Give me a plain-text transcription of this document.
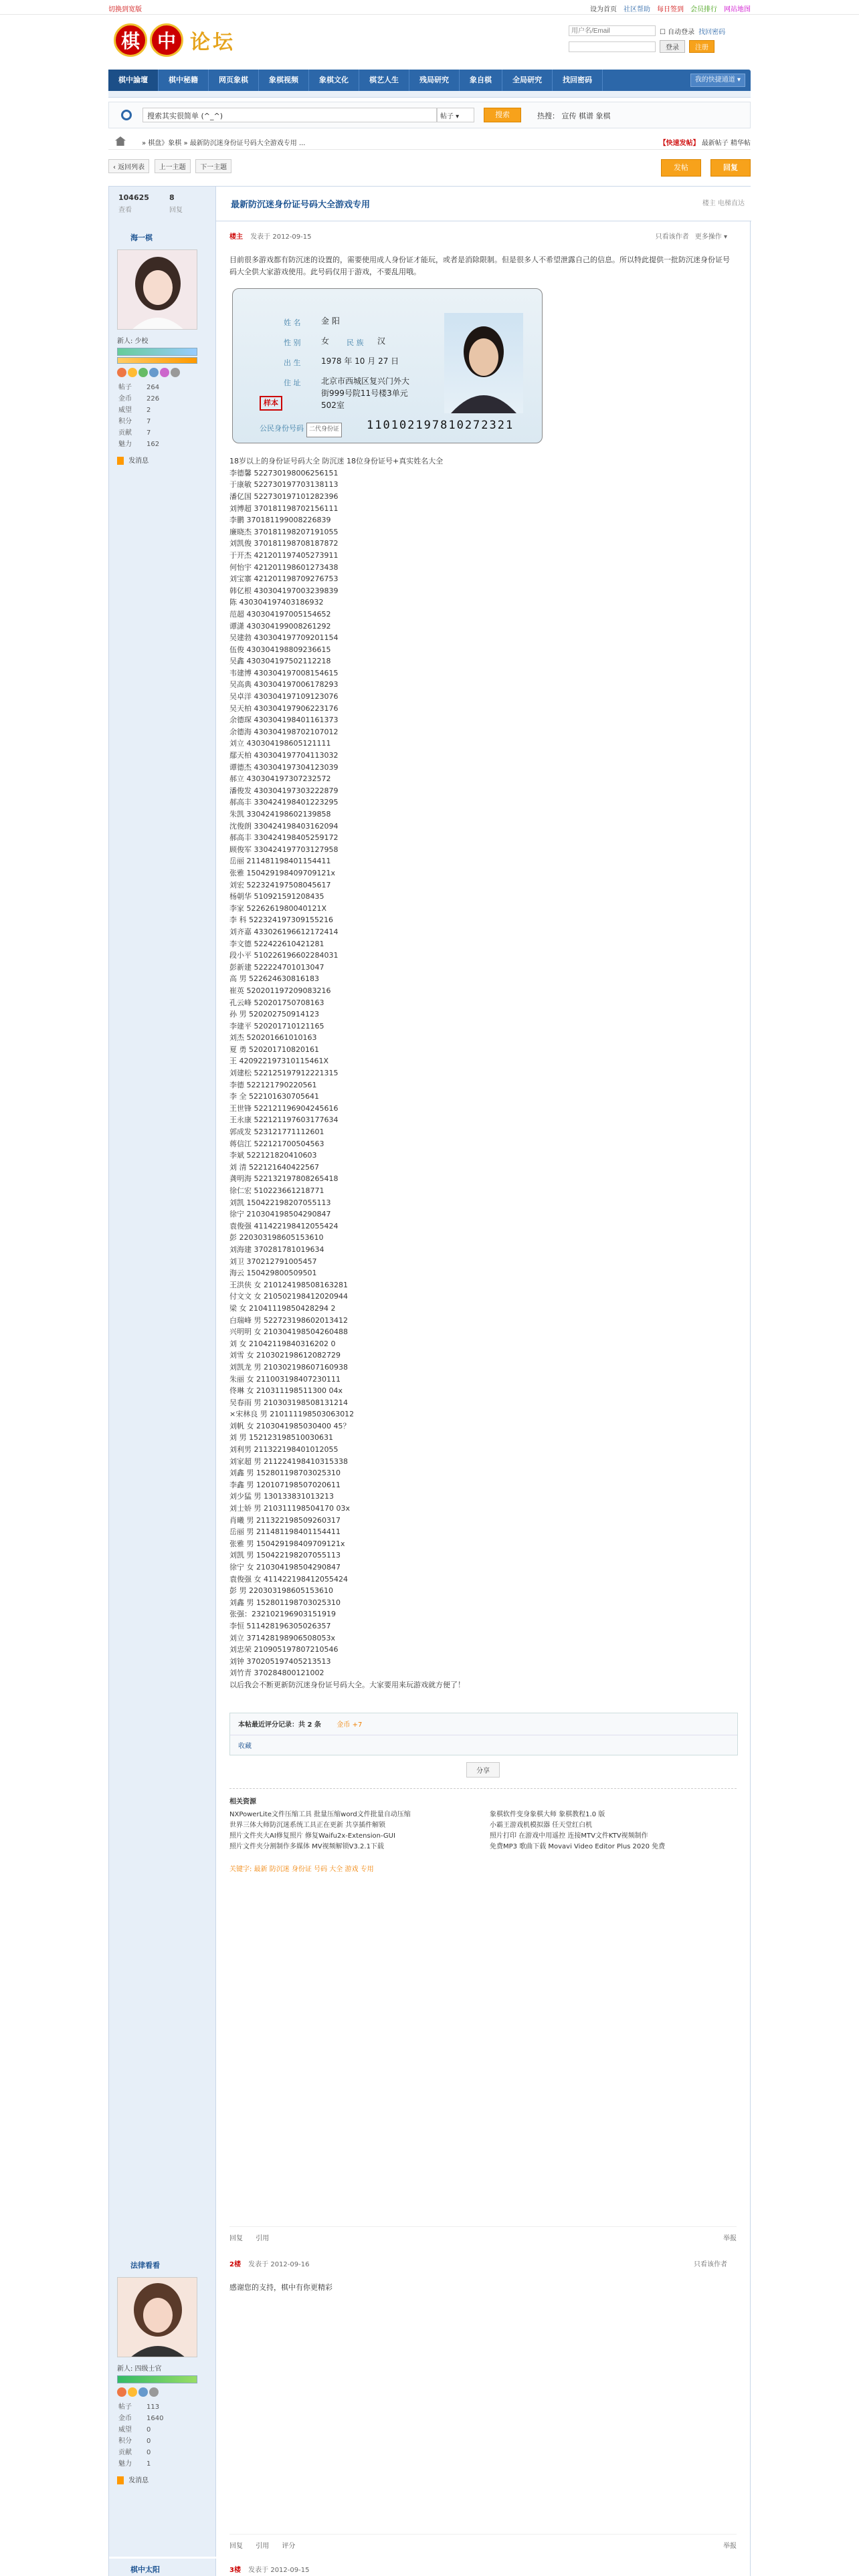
切换到宽版	设为首页 社区帮助 每日签到 会员排行 网站地图
棋 中 论坛
用户名/Email	☐ 自动登录 找回密码
登录	注册
棋中論壇	棋中秘籍	网页象棋	象棋视频	象棋文化	棋艺人生	残局研究	象自棋	全局研究	找回密码	我的快捷通道 ▾
搜索其实很简单 (^_^)	帖子 ▾	搜索	热搜： 宣传 棋谱 象棋
» 棋盘》象棋 » 最新防沉迷身份证号码大全游戏专用 ...	【快速发帖】 最新帖子 精华帖
‹ 返回列表 上一主题 下一主题	发帖	回复
104625	8
查看	回复
最新防沉迷身份证号码大全游戏专用	楼主 电梯直达
海一棋
新人: 少校
帖子	264
金币	226
威望	2
积分	7
贡献	7
魅力	162
发消息
楼主 发表于 2012-09-15	只看该作者 更多操作 ▾

目前很多游戏都有防沉迷的设置的，需要使用成人身份证才能玩，或者是消除限制。但是很多人不希望泄露自己的信息。所以特此提供一批防沉迷身份证号码大全供大家游戏使用。此号码仅用于游戏，不要乱用哦。

姓 名	金 阳
性 别	女 民 族 汉
出 生	1978 年 10 月 27 日
住 址	北京市西城区复兴门外大
街999号院11号楼3单元
502室
样本
公民身份号码	110102197810272321
二代身份证

18岁以上的身份证号码大全 防沉迷 18位身份证号+真实姓名大全

李德馨 522730198006256151
于康敏 522730197703138113
潘亿国 522730197101282396
刘博超 370181198702156111
李鹏 370181199008226839
廉晓杰 370181198207191055
刘凯俊 370181198708187872
于开杰 421201197405273911
何怡宇 421201198601273438
刘宝寨 421201198709276753
韩亿根 430304197003239839
陈 430304197403186932
范超 430304197005154652
谭潇 430304199008261292
吴建勃 430304197709201154
伍俊 430304198809236615
吴鑫 430304197502112218
韦建博 430304197008154615
吴高典 430304197006178293
吴卓洋 430304197109123076
吴天柏 430304197906223176
余德琛 430304198401161373
余德海 430304198702107012
刘立 430304198605121111
鄢天柏 430304197704113032
谭德杰 430304197304123039
郝立 430304197307232572
潘俊发 430304197303222879
郝高丰 330424198401223295
朱凯 330424198602139858
沈俊朗 330424198403162094
郝高丰 330424198405259172
顾俊军 330424197703127958
岳丽 211481198401154411
张雅 150429198409709121x
刘宏 522324197508045617
杨朝华 510921591208435
李家 5226261980040121X
李 科 522324197309155216
刘齐嘉 433026196612172414
李文德 522422610421281
段小平 510226196602284031
彭新建 522224701013047
高 男 522624630816183
崔英 520201197209083216
孔云峰 520201750708163
孙 男 520202750914123
李建平 520201710121165
刘杰 520201661010163
夏 勇 520201710820161
王 420922197310115461X
刘建松 522125197912221315
李德 522121790220561
李 全 522101630705641
王世锋 522121196904245616
王永康 522121197603177634
郭成发 523121771112601
蒋信江 522121700504563
李斌 522121820410603
刘 清 522121640422567
龚明海 522132197808265418
徐仁宏 510223661218771
刘凯 150422198207055113
徐宁 210304198504290847
袁俊强 411422198412055424
彭 220303198605153610
刘海建 370281781019634
刘卫 370212791005457
海云 150429800509501
王洪侠 女 210124198508163281
付文文 女 210502198412020944
梁 女 21041119850428294 2
白瑞峰 男 522723198602013412
兴明明 女 210304198504260488
刘 女 21042119840316202 0
刘雪 女 210302198612082729
刘凯龙 男 210302198607160938
朱丽 女 211003198407230111
佟琳 女 210311198511300 04x
吴春雨 男 210303198508131214
×宋林良 男 210111198503063012
刘帆 女 2103041985030400 45？
刘 男 152123198510030631
刘利男 211322198401012055
刘家超 男 211224198410315338
刘鑫 男 152801198703025310
李鑫 男 120107198507020611
刘少猛 男 130133831013213
刘士娇 男 210311198504170 03x
肖曦 男 211322198509260317
岳丽 男 211481198401154411
张雅 男 150429198409709121x
刘凯 男 150422198207055113
徐宁 女 210304198504290847
袁俊强 女 411422198412055424
彭 男 220303198605153610
刘鑫 男 152801198703025310
张强：232102196903151919
李恒 511428196305026357
刘立 371428198906508053x
刘忠荣 210905197807210546
刘钟 370205197405213513
刘竹青 370284800121002

以后我会不断更新防沉迷身份证号码大全。大家要用来玩游戏就方便了！

本帖最近评分记录：共 2 条 金币 +7
收藏
分享
相关资源
NXPowerLite文件压缩工具 批量压缩word文件批量自动压缩	象棋软件变身象棋大师 象棋教程1.0 版
世界三体大师防沉迷系统工具正在更新 共享插件解锁	小霸王游戏机模拟器 任天堂红白机
照片文件夹大AI修复照片 修复Waifu2x-Extension-GUI	照片打印 在游戏中用遥控 连接MTV文件KTV视频制作
照片文件夹分割制作多媒体 MV视频解锁V3.2.1下载	免费MP3 歌曲下载 Movavi Video Editor Plus 2020 免费
关键字: 最新 防沉迷 身份证 号码 大全 游戏 专用
回复 引用	举报
法律看看
新人: 四级士官
帖子	113
金币	1640
威望	0
积分	0
贡献	0
魅力	1
发消息
2楼 发表于 2012-09-16	只看该作者
感谢您的支持，棋中有你更精彩
回复 引用 评分	举报
棋中太阳	3楼 发表于 2012-09-15
